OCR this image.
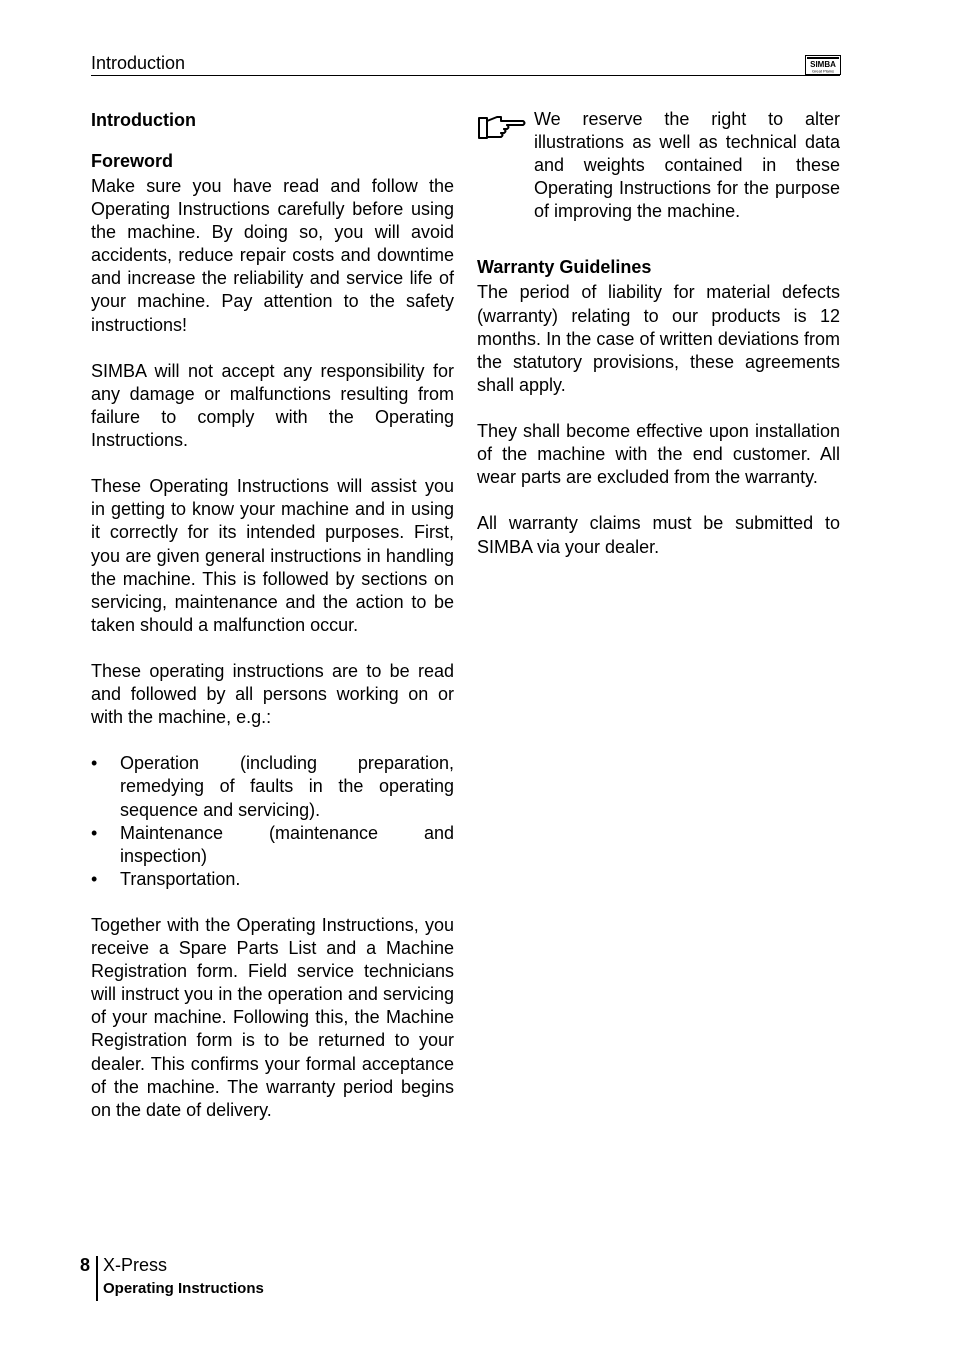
Introduction	SIMBA
Great Plains
Introduction
Foreword

Make sure you have read and follow the Operating Instructions carefully before using the machine. By doing so, you will avoid accidents, reduce repair costs and downtime and increase the reliability and service life of your machine. Pay attention to the safety instructions!

SIMBA will not accept any responsibility for any damage or malfunctions resulting from failure to comply with the Operating Instructions.

These Operating Instructions will assist you in getting to know your machine and in using it correctly for its intended purposes. First, you are given general instructions in handling the machine. This is followed by sections on servicing, maintenance and the action to be taken should a malfunction occur.

These operating instructions are to be read and followed by all persons working on or with the machine, e.g.:

• Operation (including preparation, remedying of faults in the operating sequence and servicing).
• Maintenance (maintenance and inspection)
• Transportation.

Together with the Operating Instructions, you receive a Spare Parts List and a Machine Registration form. Field service technicians will instruct you in the operation and servicing of your machine. Following this, the Machine Registration form is to be returned to your dealer. This confirms your formal acceptance of the machine. The warranty period begins on the date of delivery.

We reserve the right to alter illustrations as well as technical data and weights contained in these Operating Instructions for the purpose of improving the machine.
Warranty Guidelines

The period of liability for material defects (warranty) relating to our products is 12 months. In the case of written deviations from the statutory provisions, these agreements shall apply.

They shall become effective upon installation of the machine with the end customer. All wear parts are excluded from the warranty.

All warranty claims must be submitted to SIMBA via your dealer.

8 X-Press
Operating Instructions
